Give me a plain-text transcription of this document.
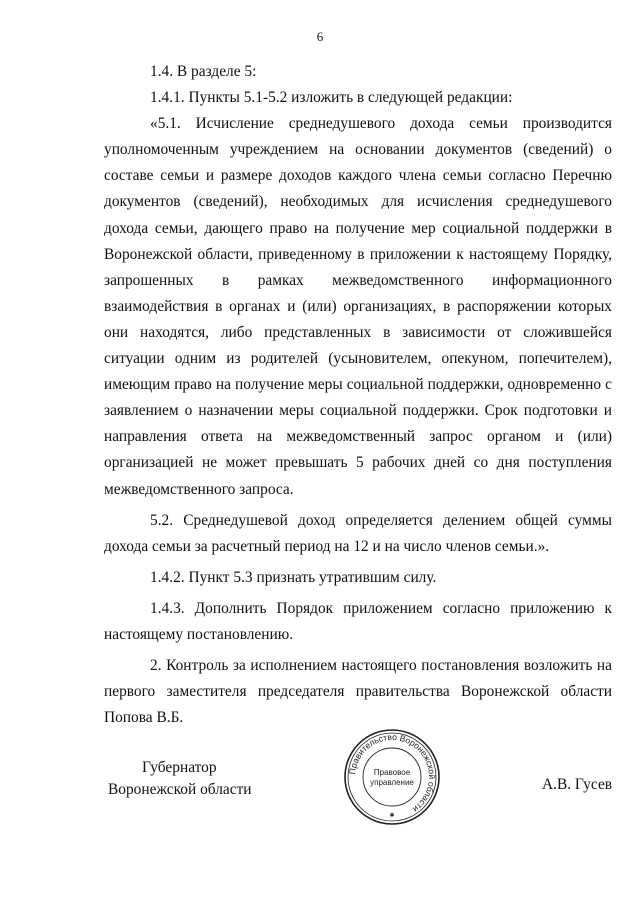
6

1.4. В разделе 5:

1.4.1. Пункты 5.1-5.2 изложить в следующей редакции:

«5.1. Исчисление среднедушевого дохода семьи производится уполномоченным учреждением на основании документов (сведений) о составе семьи и размере доходов каждого члена семьи согласно Перечню документов (сведений), необходимых для исчисления среднедушевого дохода семьи, дающего право на получение мер социальной поддержки в Воронежской области, приведенному в приложении к настоящему Порядку, запрошенных в рамках межведомственного информационного взаимодействия в органах и (или) организациях, в распоряжении которых они находятся, либо представленных в зависимости от сложившейся ситуации одним из родителей (усыновителем, опекуном, попечителем), имеющим право на получение меры социальной поддержки, одновременно с заявлением о назначении меры социальной поддержки. Срок подготовки и направления ответа на межведомственный запрос органом и (или) организацией не может превышать 5 рабочих дней со дня поступления межведомственного запроса.

5.2. Среднедушевой доход определяется делением общей суммы дохода семьи за расчетный период на 12 и на число членов семьи.».

1.4.2. Пункт 5.3 признать утратившим силу.

1.4.3. Дополнить Порядок приложением согласно приложению к настоящему постановлению.

2. Контроль за исполнением настоящего постановления возложить на первого заместителя председателя правительства Воронежской области Попова В.Б.

Губернатор
Воронежской области	А.В. Гусев
Правительство Воронежской области
Правовое
управление
✱
